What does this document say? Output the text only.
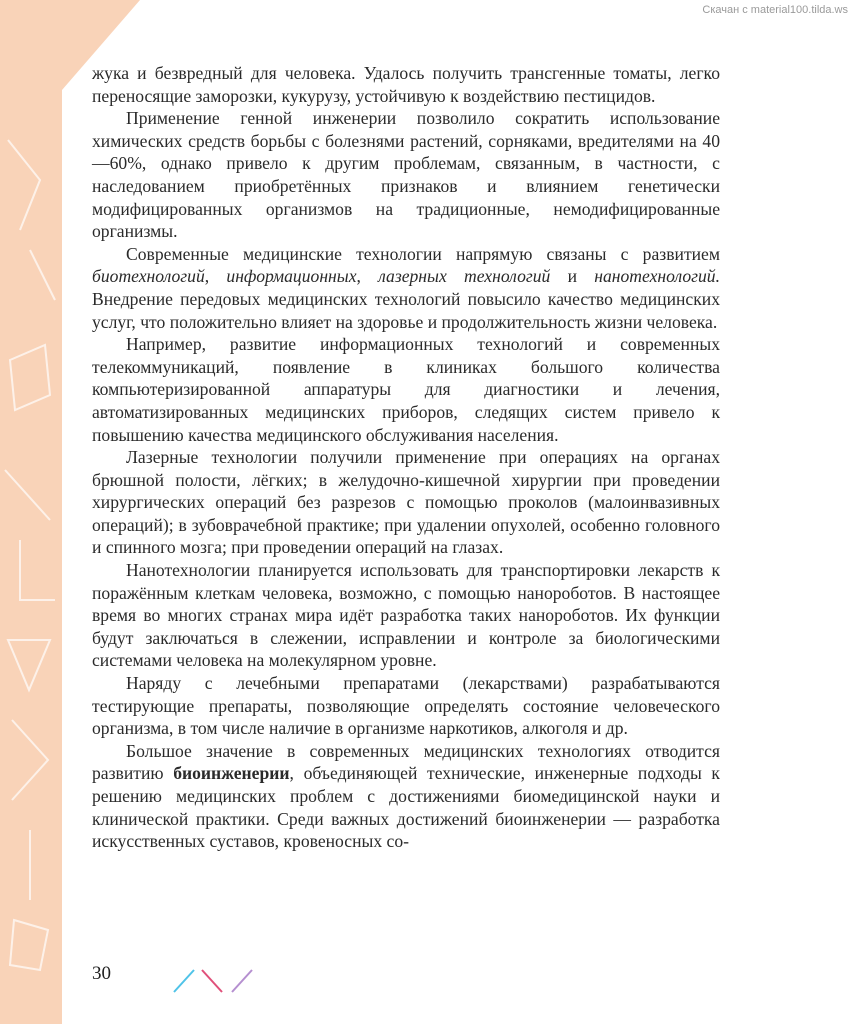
Скачан с material100.tilda.ws

жука и безвредный для человека. Удалось получить трансгенные томаты, легко переносящие заморозки, кукурузу, устойчивую к воздействию пестицидов.

Применение генной инженерии позволило сократить использование химических средств борьбы с болезнями растений, сорняками, вредителями на 40—60%, однако привело к другим проблемам, связанным, в частности, с наследованием приобретённых признаков и влиянием генетически модифицированных организмов на традиционные, немодифицированные организмы.

Современные медицинские технологии напрямую связаны с развитием биотехнологий, информационных, лазерных технологий и нанотехнологий. Внедрение передовых медицинских технологий повысило качество медицинских услуг, что положительно влияет на здоровье и продолжительность жизни человека.

Например, развитие информационных технологий и современных телекоммуникаций, появление в клиниках большого количества компьютеризированной аппаратуры для диагностики и лечения, автоматизированных медицинских приборов, следящих систем привело к повышению качества медицинского обслуживания населения.

Лазерные технологии получили применение при операциях на органах брюшной полости, лёгких; в желудочно-кишечной хирургии при проведении хирургических операций без разрезов с помощью проколов (малоинвазивных операций); в зубоврачебной практике; при удалении опухолей, особенно головного и спинного мозга; при проведении операций на глазах.

Нанотехнологии планируется использовать для транспортировки лекарств к поражённым клеткам человека, возможно, с помощью нанороботов. В настоящее время во многих странах мира идёт разработка таких нанороботов. Их функции будут заключаться в слежении, исправлении и контроле за биологическими системами человека на молекулярном уровне.

Наряду с лечебными препаратами (лекарствами) разрабатываются тестирующие препараты, позволяющие определять состояние человеческого организма, в том числе наличие в организме наркотиков, алкоголя и др.

Большое значение в современных медицинских технологиях отводится развитию биоинженерии, объединяющей технические, инженерные подходы к решению медицинских проблем с достижениями биомедицинской науки и клинической практики. Среди важных достижений биоинженерии — разработка искусственных суставов, кровеносных со-

30
